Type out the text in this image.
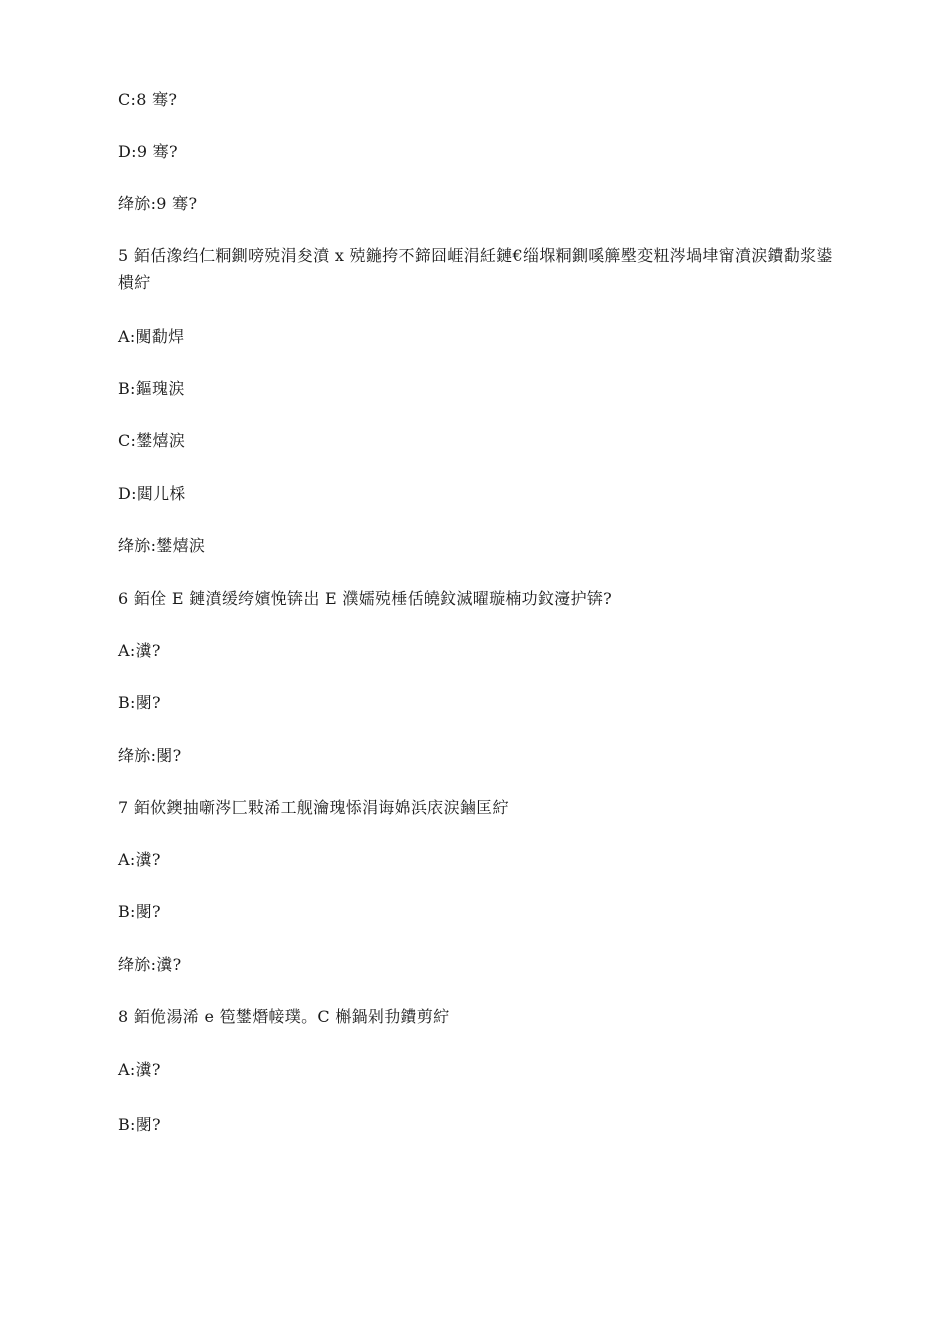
C:8 骞?
D:9 骞?
绛旀:9 骞?
5 銆佸潒绉仁粡鍘嗙殑涓夋濆 x 殑鍦挎不鍗囧崕涓紝鏈€缁堢粡鍘嗘簲壂変粈涔堝垏甯濆涙鐨勫浆鍙樻紵
A:闃勫焊
B:鏂瑰涙
C:鐢熺涙
D:閮儿棌
绛旀:鐢熺涙
6 銆佺 E 鏈濆缓绔嬪悗锛岀 E 濮嬬殑棰佸皢鈫滅曜璇楠功鈫濅护锛?
A:瀵?
B:閿?
绛旀:閿?
7 銆佽鐭抽噺涔匚敤浠工舰瀹瑰悿涓诲婂浜庡涙鏀匡紵
A:瀵?
B:閿?
绛旀:瀵?
8 銆佹湯浠 e 笣鐢熸帹璞。C 槲鍋剁劧鐨剪紵
A:瀵?
B:閿?
